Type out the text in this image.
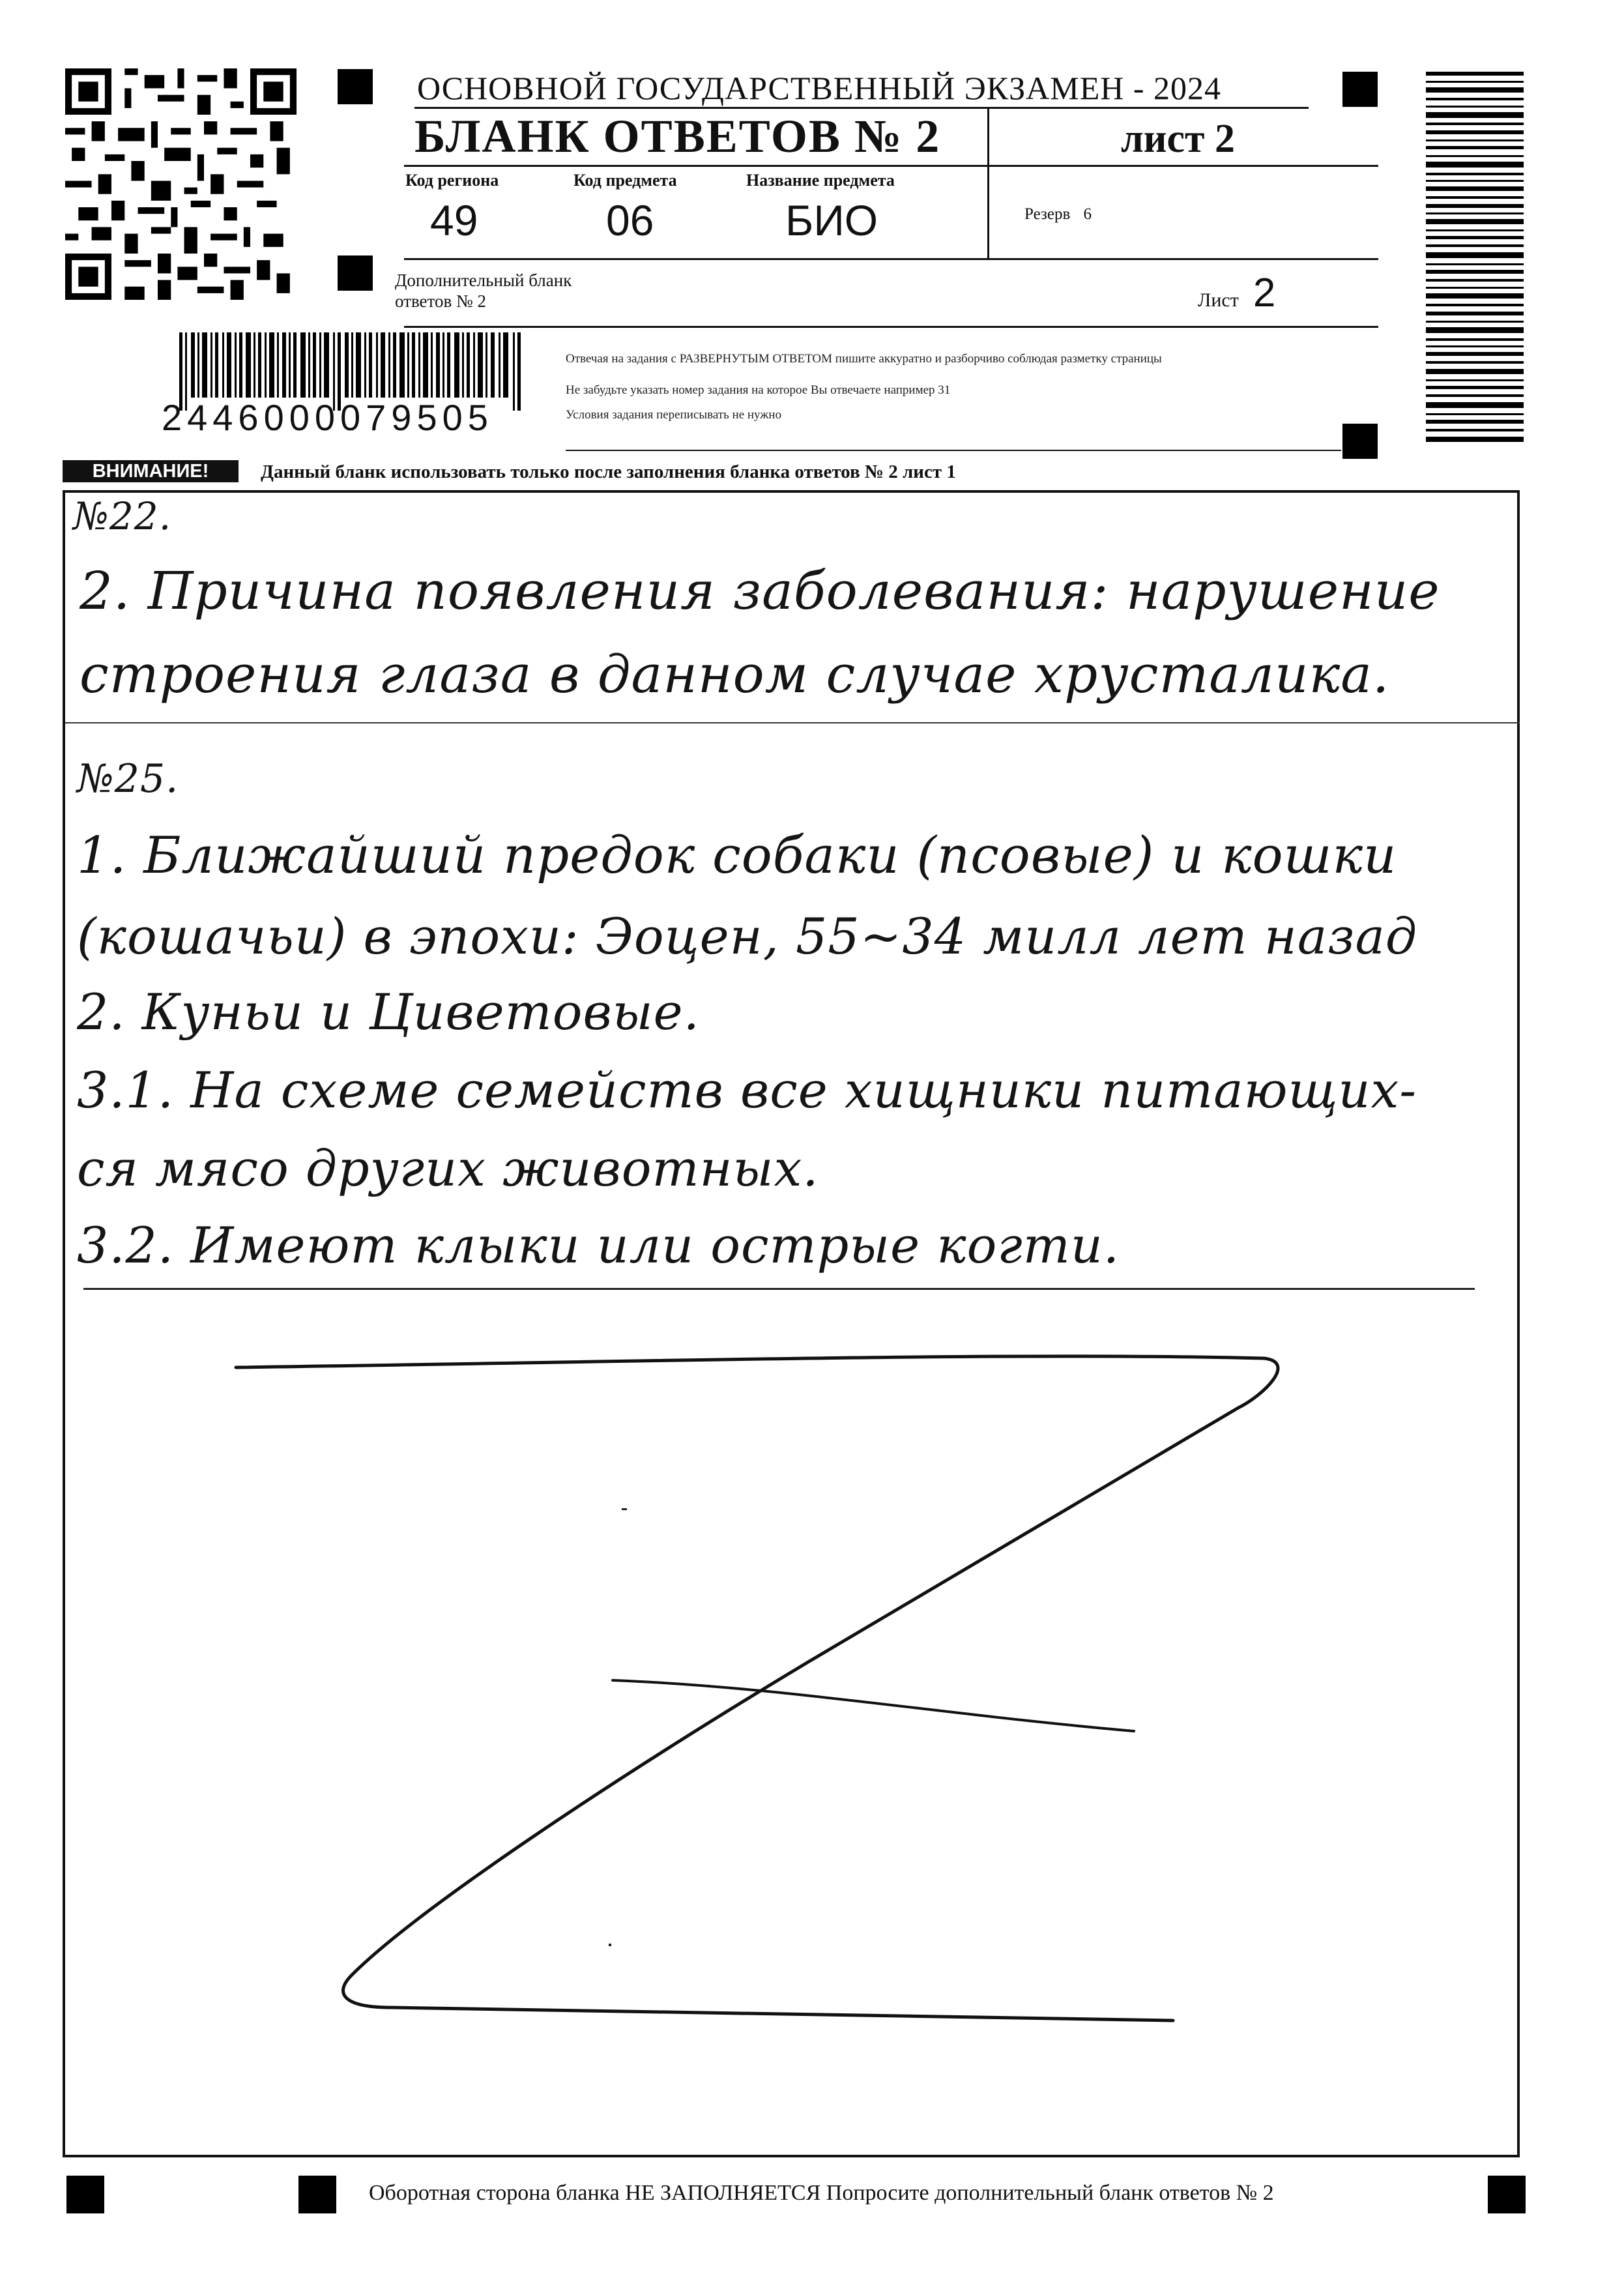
ОСНОВНОЙ ГОСУДАРСТВЕННЫЙ ЭКЗАМЕН - 2024
БЛАНК ОТВЕТОВ № 2	лист 2
Код региона
49
Код предмета
06
Название предмета
БИО	Резерв 6
Дополнительный бланк ответов № 2	Лист 2
2446000079505
Отвечая на задания с РАЗВЕРНУТЫМ ОТВЕТОМ пишите аккуратно и разборчиво соблюдая разметку страницы
Не забудьте указать номер задания на которое Вы отвечаете например 31
Условия задания переписывать не нужно
ВНИМАНИЕ!	Данный бланк использовать только после заполнения бланка ответов № 2 лист 1
№22.
2. Причина появления заболевания: нарушение
строения глаза в данном случае хрусталика.
№25.
1. Ближайший предок собаки (псовые) и кошки
(кошачьи) в эпохи: Эоцен, 55~34 милл лет назад
2. Куньи и Циветовые.
3.1. На схеме семейств все хищники питающих-
ся мясо других животных.
3.2. Имеют клыки или острые когти.
Оборотная сторона бланка НЕ ЗАПОЛНЯЕТСЯ Попросите дополнительный бланк ответов № 2
